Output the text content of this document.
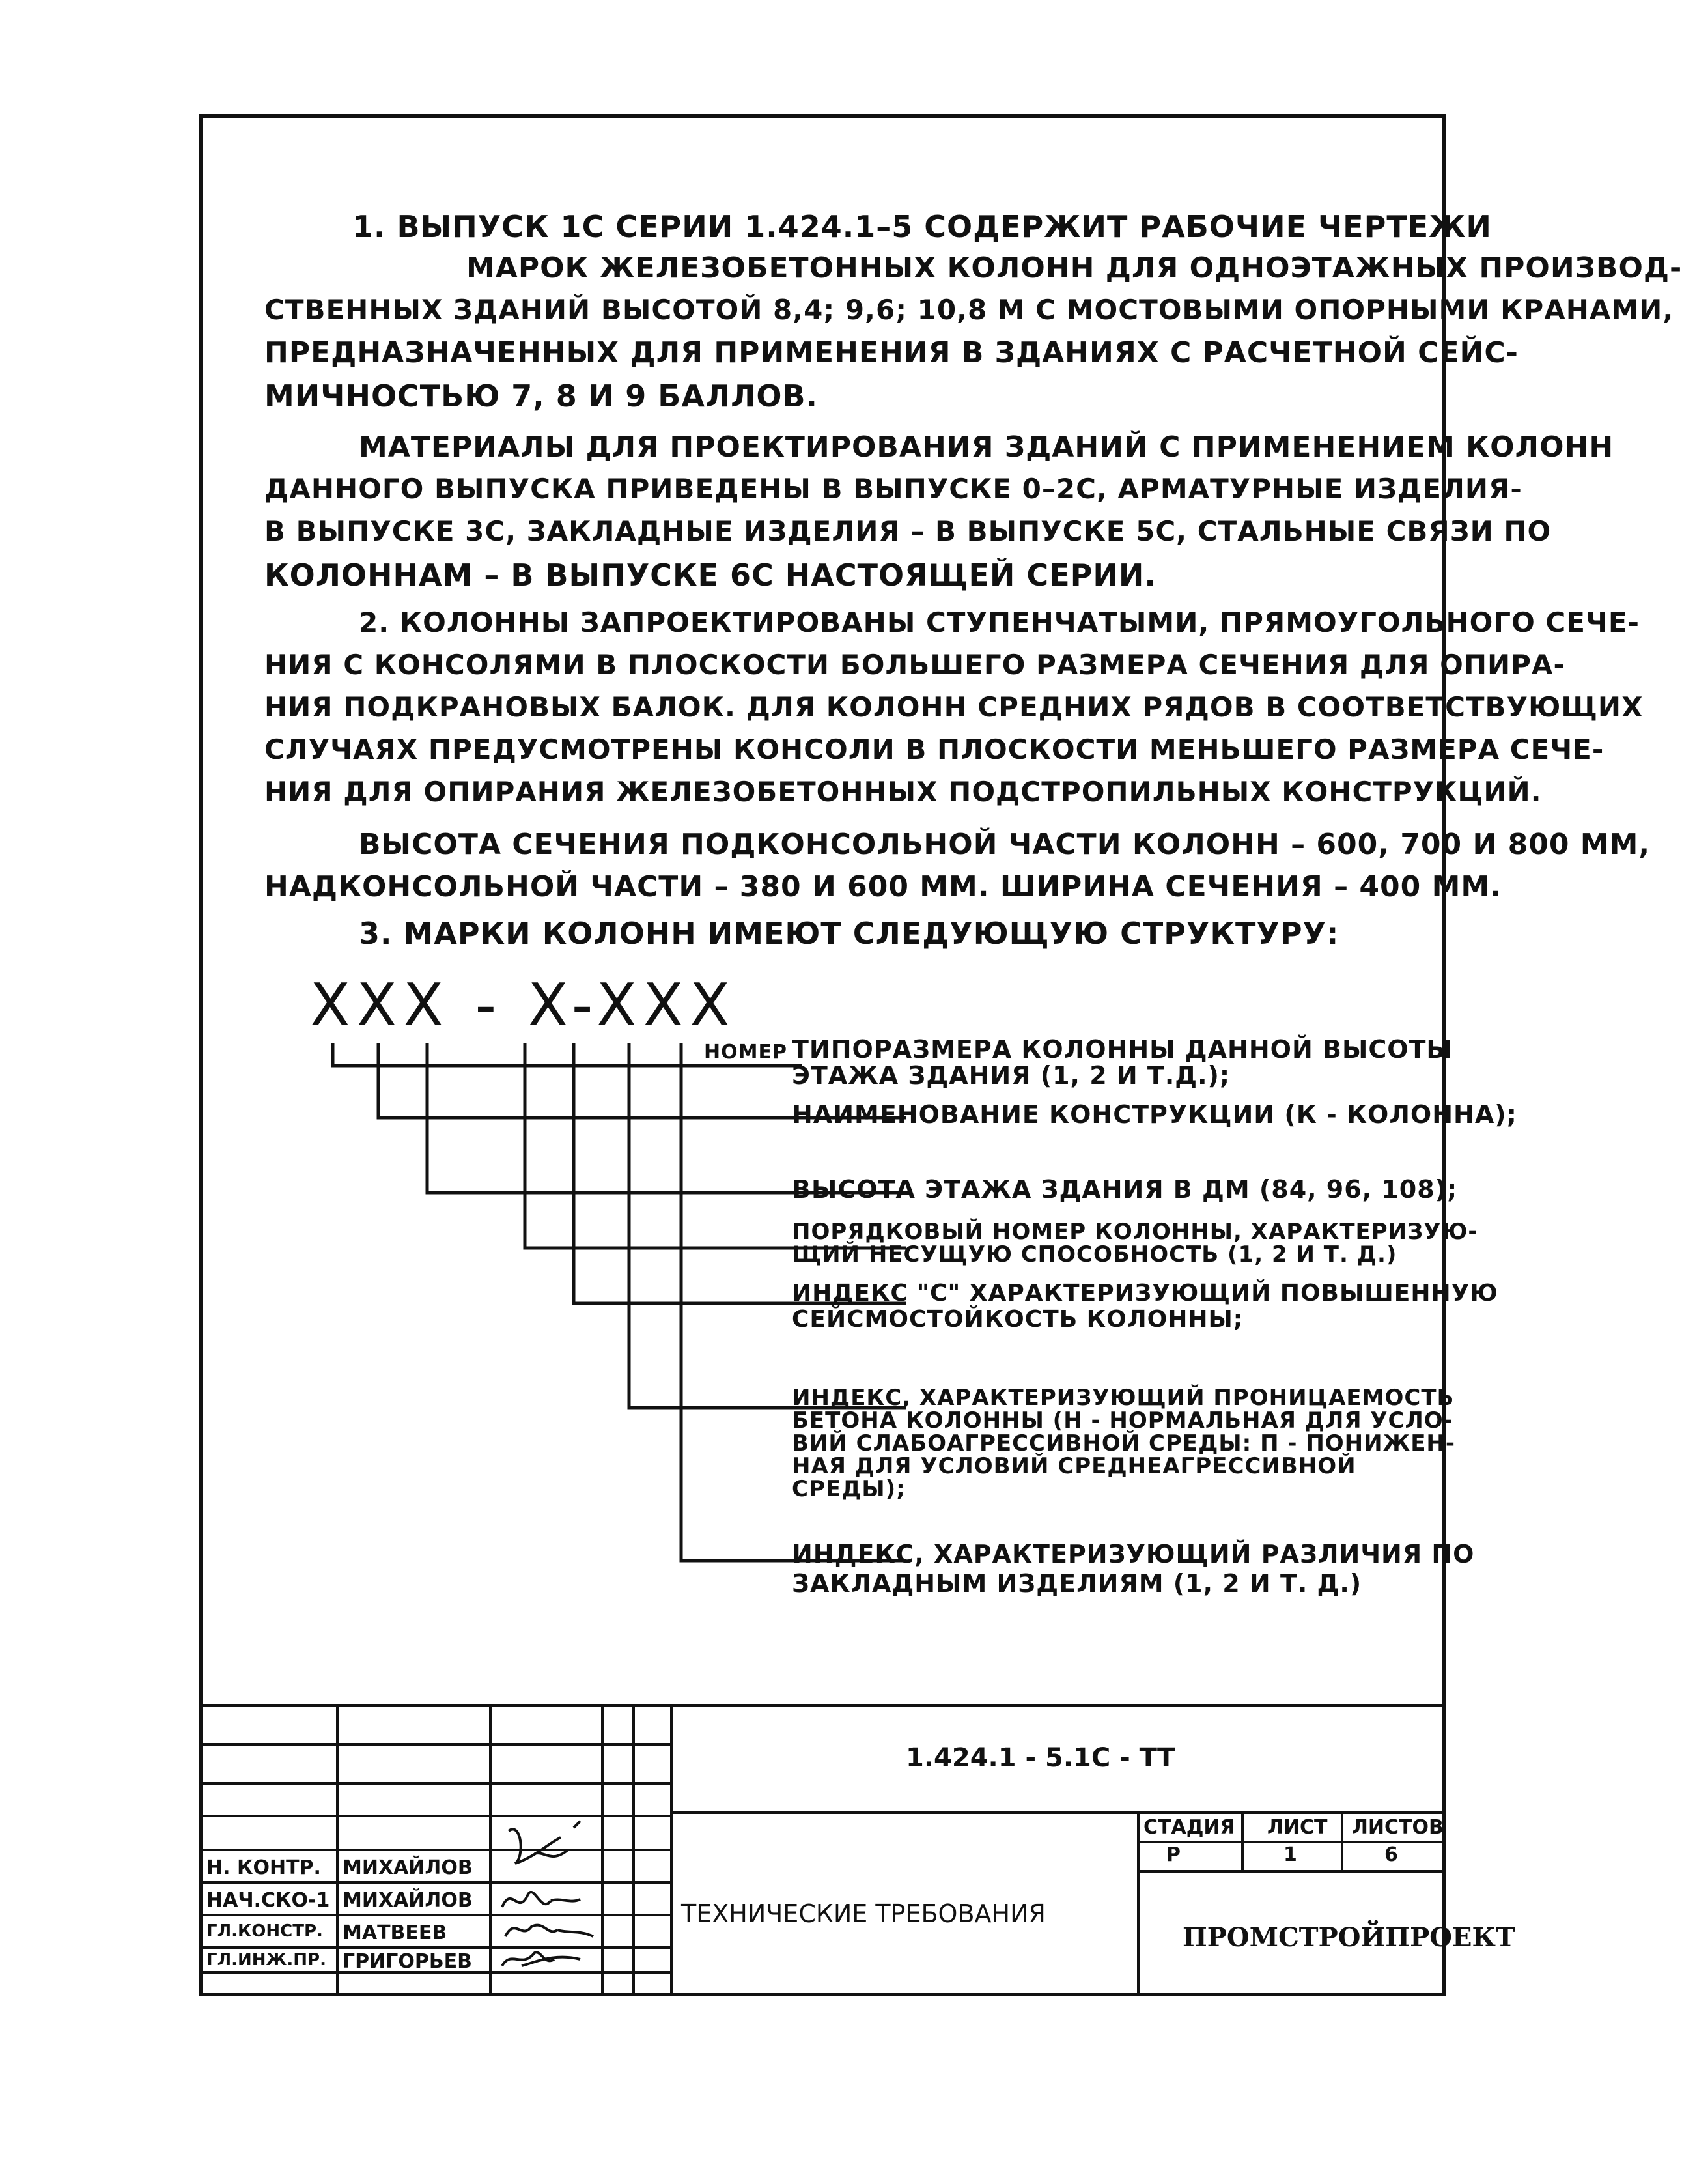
1. ВЫПУСК 1С СЕРИИ 1.424.1–5 СОДЕРЖИТ РАБОЧИЕ ЧЕРТЕЖИ
МАРОК ЖЕЛЕЗОБЕТОННЫХ КОЛОНН ДЛЯ ОДНОЭТАЖНЫХ ПРОИЗВОД-
СТВЕННЫХ ЗДАНИЙ ВЫСОТОЙ 8,4; 9,6; 10,8 М С МОСТОВЫМИ ОПОРНЫМИ КРАНАМИ,
ПРЕДНАЗНАЧЕННЫХ ДЛЯ ПРИМЕНЕНИЯ В ЗДАНИЯХ С РАСЧЕТНОЙ СЕЙС-
МИЧНОСТЬЮ 7, 8 И 9 БАЛЛОВ.
МАТЕРИАЛЫ ДЛЯ ПРОЕКТИРОВАНИЯ ЗДАНИЙ С ПРИМЕНЕНИЕМ КОЛОНН
ДАННОГО ВЫПУСКА ПРИВЕДЕНЫ В ВЫПУСКЕ 0–2С, АРМАТУРНЫЕ ИЗДЕЛИЯ-
В ВЫПУСКЕ 3С, ЗАКЛАДНЫЕ ИЗДЕЛИЯ – В ВЫПУСКЕ 5С, СТАЛЬНЫЕ СВЯЗИ ПО
КОЛОННАМ – В ВЫПУСКЕ 6С НАСТОЯЩЕЙ СЕРИИ.
2. КОЛОННЫ ЗАПРОЕКТИРОВАНЫ СТУПЕНЧАТЫМИ, ПРЯМОУГОЛЬНОГО СЕЧЕ-
НИЯ С КОНСОЛЯМИ В ПЛОСКОСТИ БОЛЬШЕГО РАЗМЕРА СЕЧЕНИЯ ДЛЯ ОПИРА-
НИЯ ПОДКРАНОВЫХ БАЛОК. ДЛЯ КОЛОНН СРЕДНИХ РЯДОВ В СООТВЕТСТВУЮЩИХ
СЛУЧАЯХ ПРЕДУСМОТРЕНЫ КОНСОЛИ В ПЛОСКОСТИ МЕНЬШЕГО РАЗМЕРА СЕЧЕ-
НИЯ ДЛЯ ОПИРАНИЯ ЖЕЛЕЗОБЕТОННЫХ ПОДСТРОПИЛЬНЫХ КОНСТРУКЦИЙ.
ВЫСОТА СЕЧЕНИЯ ПОДКОНСОЛЬНОЙ ЧАСТИ КОЛОНН – 600, 700 И 800 ММ,
НАДКОНСОЛЬНОЙ ЧАСТИ – 380 И 600 ММ. ШИРИНА СЕЧЕНИЯ – 400 ММ.
3. МАРКИ КОЛОНН ИМЕЮТ СЛЕДУЮЩУЮ СТРУКТУРУ:
XXX - X-XXX
НОМЕР ТИПОРАЗМЕРА КОЛОННЫ ДАННОЙ ВЫСОТЫ
ЭТАЖА ЗДАНИЯ (1, 2 И Т.Д.);
НАИМЕНОВАНИЕ КОНСТРУКЦИИ (К - КОЛОННА);
ВЫСОТА ЭТАЖА ЗДАНИЯ В ДМ (84, 96, 108);
ПОРЯДКОВЫЙ НОМЕР КОЛОННЫ, ХАРАКТЕРИЗУЮ-
ЩИЙ НЕСУЩУЮ СПОСОБНОСТЬ (1, 2 И Т. Д.)
ИНДЕКС "С" ХАРАКТЕРИЗУЮЩИЙ ПОВЫШЕННУЮ
СЕЙСМОСТОЙКОСТЬ КОЛОННЫ;
ИНДЕКС, ХАРАКТЕРИЗУЮЩИЙ ПРОНИЦАЕМОСТЬ
БЕТОНА КОЛОННЫ (Н - НОРМАЛЬНАЯ ДЛЯ УСЛО-
ВИЙ СЛАБОАГРЕССИВНОЙ СРЕДЫ: П - ПОНИЖЕН-
НАЯ ДЛЯ УСЛОВИЙ СРЕДНЕАГРЕССИВНОЙ
СРЕДЫ);
ИНДЕКС, ХАРАКТЕРИЗУЮЩИЙ РАЗЛИЧИЯ ПО
ЗАКЛАДНЫМ ИЗДЕЛИЯМ (1, 2 И Т. Д.)
1.424.1 - 5.1С - ТТ
ТЕХНИЧЕСКИЕ ТРЕБОВАНИЯ
СТАДИЯ ЛИСТ ЛИСТОВ
Р	1	6
ПРОМСТРОЙПРОЕКТ
Н. КОНТР. МИХАЙЛОВ
НАЧ.СКО-1 МИХАЙЛОВ
ГЛ.КОНСТР. МАТВЕЕВ
ГЛ.ИНЖ.ПР. ГРИГОРЬЕВ
